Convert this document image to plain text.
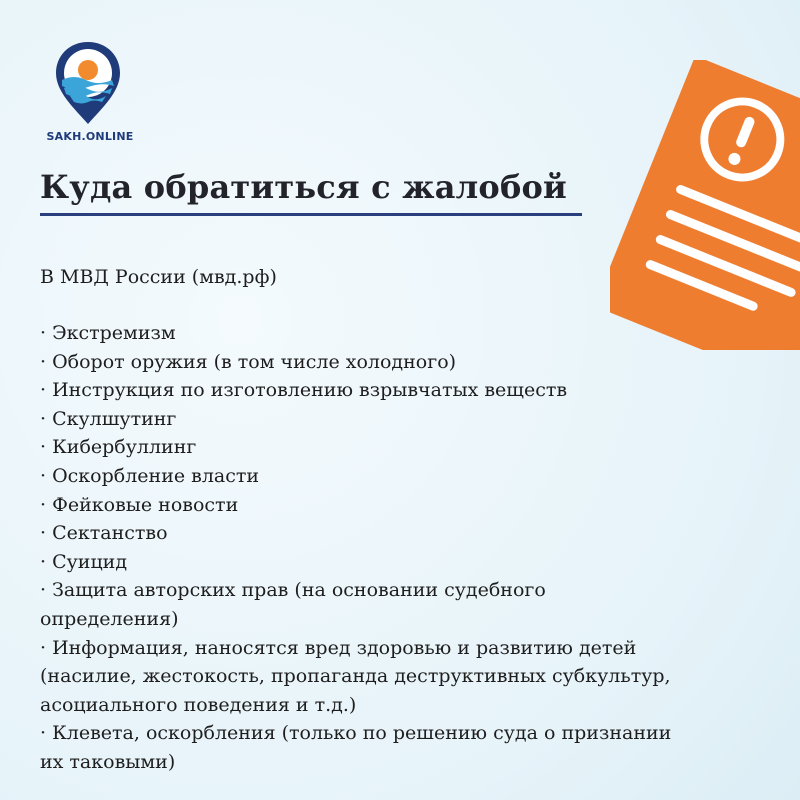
SAKH.ONLINE
Куда обратиться с жалобой
В МВД России (мвд.рф)
· Экстремизм
· Оборот оружия (в том числе холодного)
· Инструкция по изготовлению взрывчатых веществ
· Скулшутинг
· Кибербуллинг
· Оскорбление власти
· Фейковые новости
· Сектанство
· Суицид
· Защита авторских прав (на основании судебного
определения)
· Информация, наносятся вред здоровью и развитию детей
(насилие, жестокость, пропаганда деструктивных субкультур,
асоциального поведения и т.д.)
· Клевета, оскорбления (только по решению суда о признании
их таковыми)
